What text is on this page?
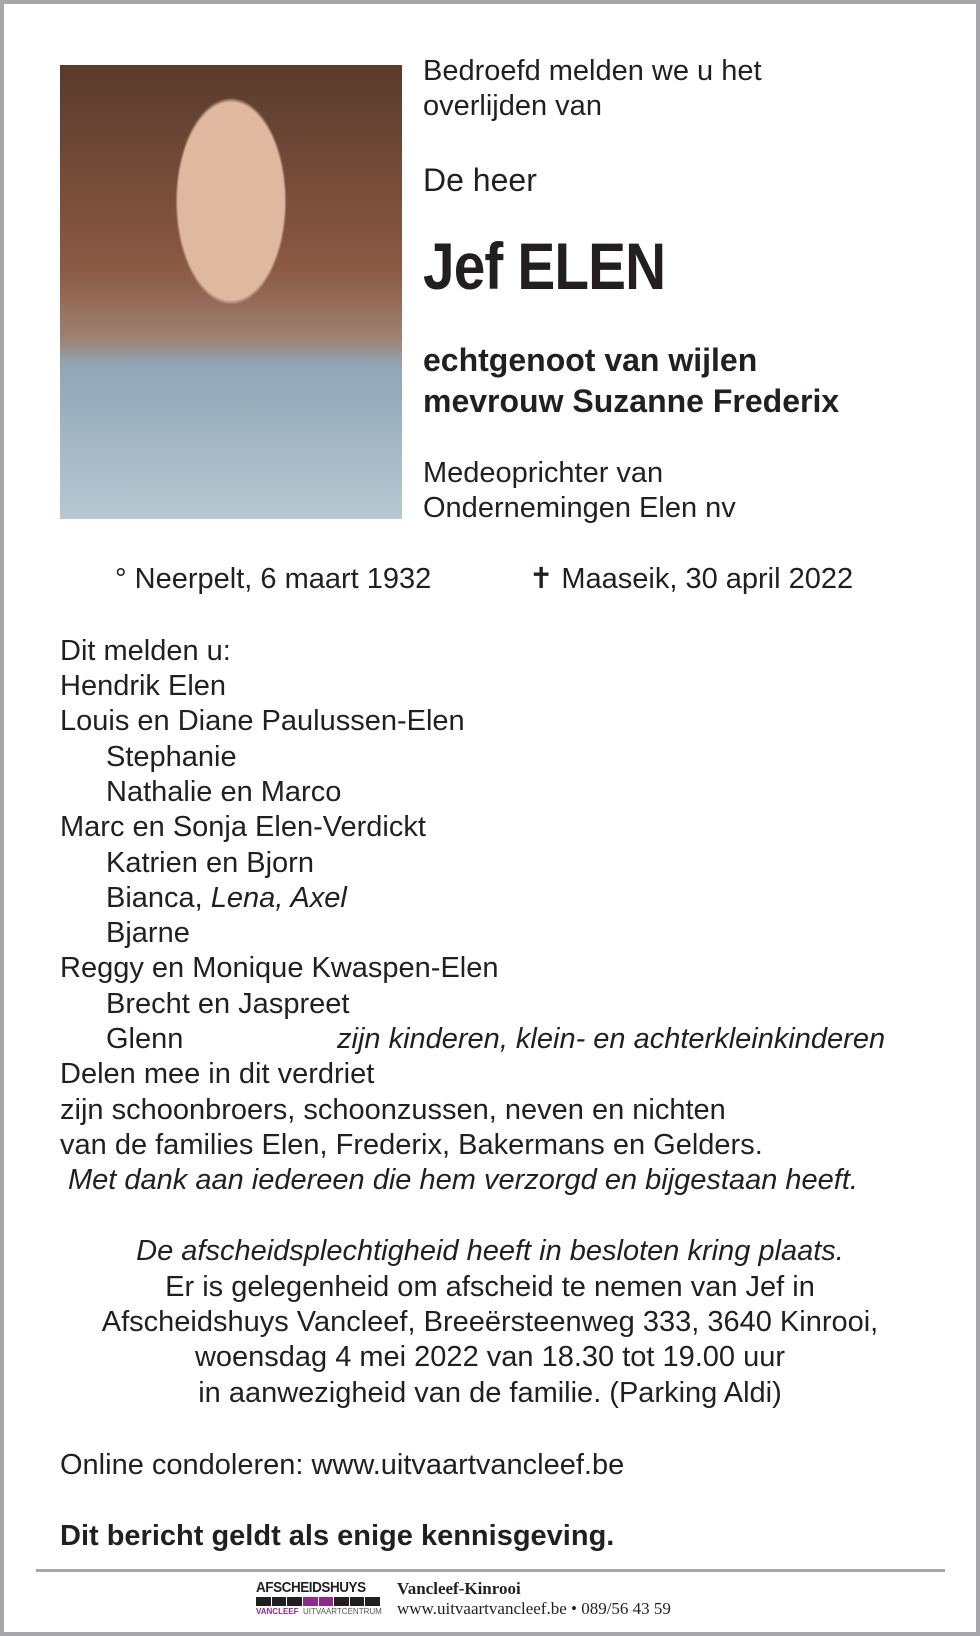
Bedroefd melden we u het
overlijden van
De heer
Jef ELEN
echtgenoot van wijlen
mevrouw Suzanne Frederix
Medeoprichter van
Ondernemingen Elen nv
° Neerpelt, 6 maart 1932	✝ Maaseik, 30 april 2022
Dit melden u:
Hendrik Elen
Louis en Diane Paulussen-Elen
Stephanie
Nathalie en Marco
Marc en Sonja Elen-Verdickt
Katrien en Bjorn
Bianca, Lena, Axel
Bjarne
Reggy en Monique Kwaspen-Elen
Brecht en Jaspreet
Glenn	zijn kinderen, klein- en achterkleinkinderen
Delen mee in dit verdriet
zijn schoonbroers, schoonzussen, neven en nichten
van de families Elen, Frederix, Bakermans en Gelders.
Met dank aan iedereen die hem verzorgd en bijgestaan heeft.
De afscheidsplechtigheid heeft in besloten kring plaats.
Er is gelegenheid om afscheid te nemen van Jef in
Afscheidshuys Vancleef, Breeërsteenweg 333, 3640 Kinrooi,
woensdag 4 mei 2022 van 18.30 tot 19.00 uur
in aanwezigheid van de familie. (Parking Aldi)
Online condoleren: www.uitvaartvancleef.be
Dit bericht geldt als enige kennisgeving.
AFSCHEIDSHUYS
VANCLEEF UITVAARTCENTRUM
Vancleef-Kinrooi
www.uitvaartvancleef.be • 089/56 43 59
